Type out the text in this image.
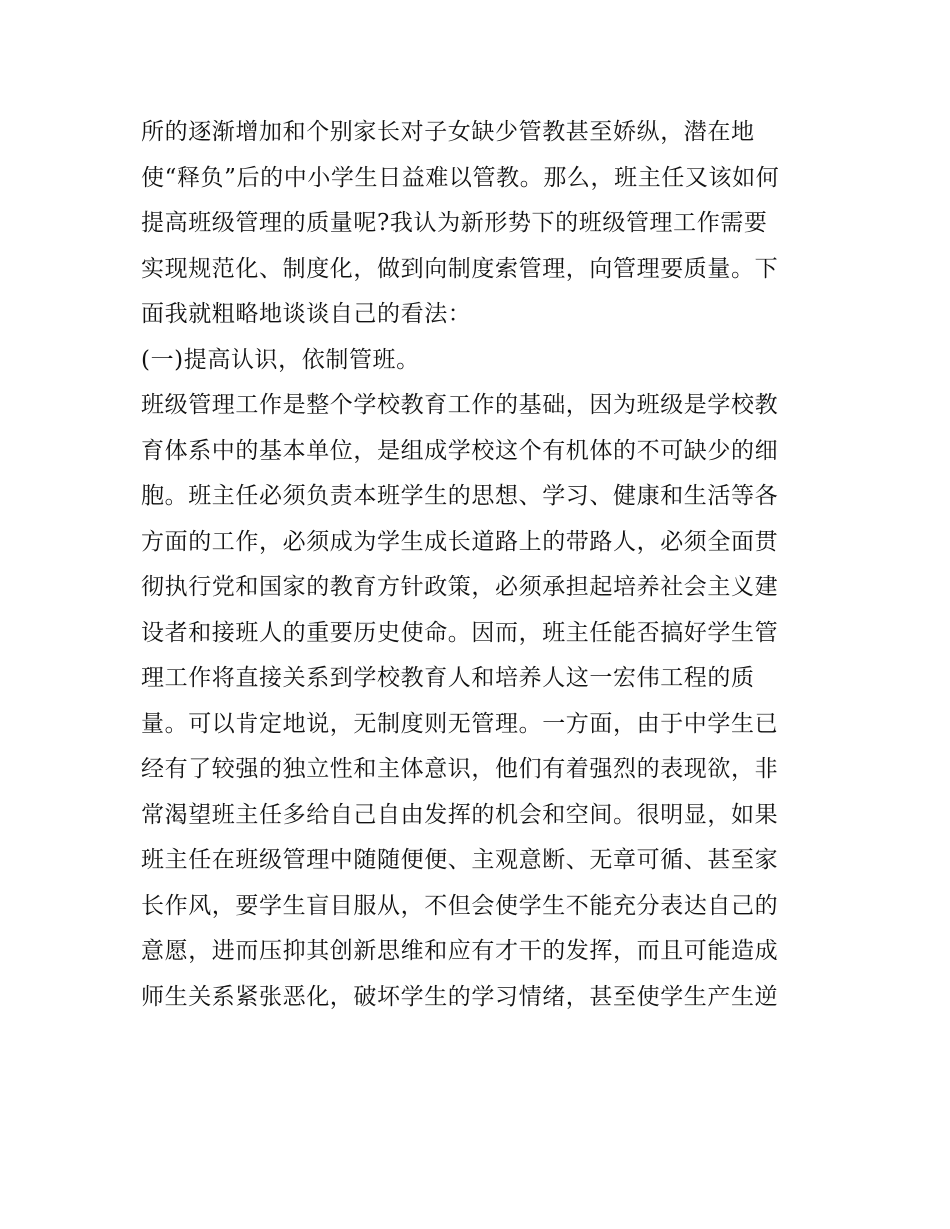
所的逐渐增加和个别家长对子女缺少管教甚至娇纵，潜在地
使“释负”后的中小学生日益难以管教。那么，班主任又该如何
提高班级管理的质量呢?我认为新形势下的班级管理工作需要
实现规范化、制度化，做到向制度索管理，向管理要质量。下
面我就粗略地谈谈自己的看法：
(一)提高认识，依制管班。
班级管理工作是整个学校教育工作的基础，因为班级是学校教
育体系中的基本单位，是组成学校这个有机体的不可缺少的细
胞。班主任必须负责本班学生的思想、学习、健康和生活等各
方面的工作，必须成为学生成长道路上的带路人，必须全面贯
彻执行党和国家的教育方针政策，必须承担起培养社会主义建
设者和接班人的重要历史使命。因而，班主任能否搞好学生管
理工作将直接关系到学校教育人和培养人这一宏伟工程的质
量。可以肯定地说，无制度则无管理。一方面，由于中学生已
经有了较强的独立性和主体意识，他们有着强烈的表现欲，非
常渴望班主任多给自己自由发挥的机会和空间。很明显，如果
班主任在班级管理中随随便便、主观意断、无章可循、甚至家
长作风，要学生盲目服从，不但会使学生不能充分表达自己的
意愿，进而压抑其创新思维和应有才干的发挥，而且可能造成
师生关系紧张恶化，破坏学生的学习情绪，甚至使学生产生逆
